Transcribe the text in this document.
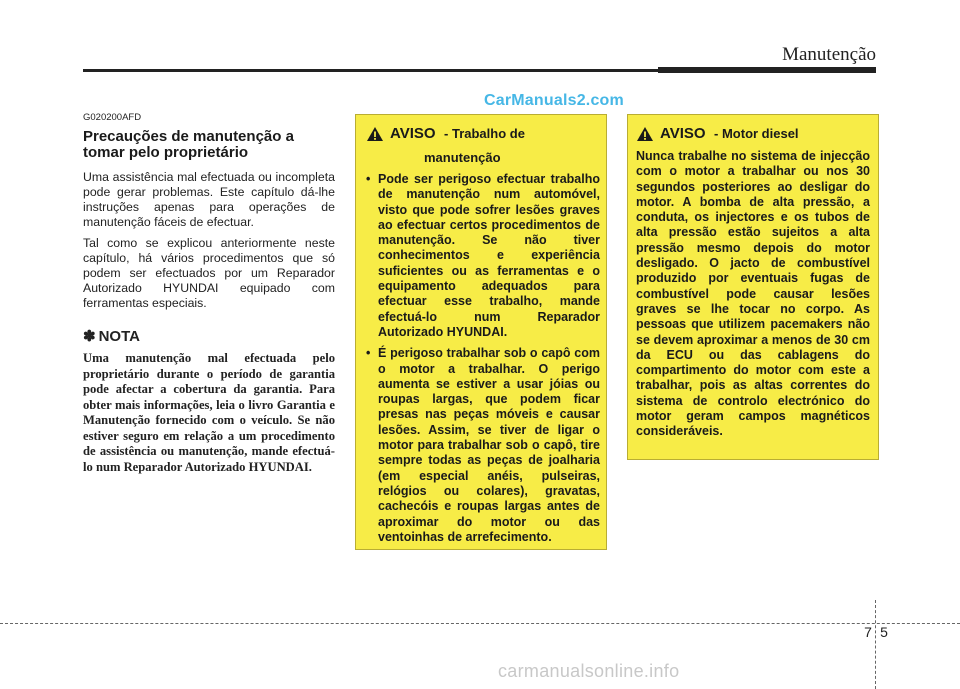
Manutenção
CarManuals2.com
G020200AFD
Precauções de manutenção a tomar pelo proprietário

Uma assistência mal efectuada ou incompleta pode gerar problemas. Este capítulo dá-lhe instruções apenas para operações de manutenção fáceis de efectuar.

Tal como se explicou anteriormente neste capítulo, há vários procedimentos que só podem ser efectuados por um Reparador Autorizado HYUNDAI equipado com ferramentas especiais.

✽ NOTA

Uma manutenção mal efectuada pelo proprietário durante o período de garantia pode afectar a cobertura da garantia. Para obter mais informações, leia o livro Garantia e Manutenção fornecido com o veículo. Se não estiver seguro em relação a um procedimento de assistência ou manutenção, mande efectuá-lo num Reparador Autorizado HYUNDAI.

AVISO - Trabalho de
manutenção
• Pode ser perigoso efectuar trabalho de manutenção num automóvel, visto que pode sofrer lesões graves ao efectuar certos procedimentos de manutenção. Se não tiver conhecimentos e experiência suficientes ou as ferramentas e o equipamento adequados para efectuar esse trabalho, mande efectuá-lo num Reparador Autorizado HYUNDAI.
• É perigoso trabalhar sob o capô com o motor a trabalhar. O perigo aumenta se estiver a usar jóias ou roupas largas, que podem ficar presas nas peças móveis e causar lesões. Assim, se tiver de ligar o motor para trabalhar sob o capô, tire sempre todas as peças de joalharia (em especial anéis, pulseiras, relógios ou colares), gravatas, cachecóis e roupas largas antes de aproximar do motor ou das ventoinhas de arrefecimento.
AVISO - Motor diesel

Nunca trabalhe no sistema de injecção com o motor a trabalhar ou nos 30 segundos posteriores ao desligar do motor. A bomba de alta pressão, a conduta, os injectores e os tubos de alta pressão estão sujeitos a alta pressão mesmo depois do motor desligado. O jacto de combustível produzido por eventuais fugas de combustível pode causar lesões graves se lhe tocar no corpo. As pessoas que utilizem pacemakers não se devem aproximar a menos de 30 cm da ECU ou das cablagens do compartimento do motor com este a trabalhar, pois as altas correntes do sistema de controlo electrónico do motor geram campos magnéticos consideráveis.

7 5
carmanualsonline.info
